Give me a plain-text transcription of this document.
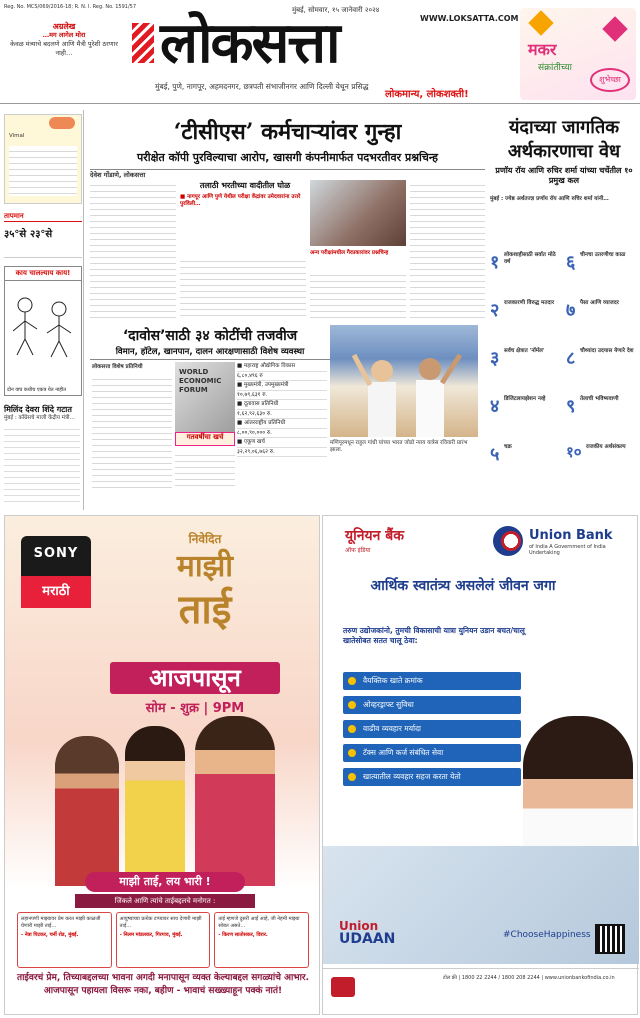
Reg. No. MCS/069/2016-18; R. N. I. Reg. No. 1591/57
अग्रलेख
…मग लागेल मोरा
केवळ मंत्र्याचे बदलणे आणि मैत्री पुरेशी ठरणार नाही…
मुंबई, सोमवार, १५ जानेवारी २०२४
WWW.LOKSATTA.COM
लोकसत्ता
मुंबई, पुणे, नागपूर, अहमदनगर, छत्रपती संभाजीनगर आणि दिल्ली येथून प्रसिद्ध
लोकमान्य, लोकशक्ती!
मकर
संक्रांतीच्या
शुभेच्छा
Vimal
तापमान
३५°से २३°से
काय चालल्याय काय!
दोन वाघ कधीच एकत्र येत नाहीत
मिलिंद देवरा शिंदे गटात
मुंबई : काँग्रेसचे माजी केंद्रीय मंत्री…
‘टीसीएस’ कर्मचाऱ्यांवर गुन्हा
परीक्षेत कॉपी पुरविल्याचा आरोप, खासगी कंपनीमार्फत पदभरतीवर प्रश्नचिन्ह
देवेश गोंडाणे, लोकसत्ता
तलाठी भरतीच्या वादीतील घोळ
■ नागपूर आणि पुणे येथील परीक्षा केंद्रांवर उमेदवारांना उत्तरे पुरविली…
अन्य परीक्षांमधील गैरप्रकारांवर प्रश्नचिन्ह
‘दावोस’साठी ३४ कोटींची तजवीज
विमान, हॉटेल, खानपान, दालन आरक्षणासाठी विशेष व्यवस्था
लोकसत्ता विशेष प्रतिनिधी
WORLD ECONOMIC FORUM
गतवर्षीचा खर्च
■ महाराष्ट्र औद्योगिक विकास
६,८०,४९६ रु
■ मुख्यमंत्री, उपमुख्यमंत्री
१०,७९,६३१ रु.
■ दूतावास प्रतिनिधी
१,६२,९२,६३० रु.
■ आंतरराष्ट्रीय प्रतिनिधी
८,००,९०,००० रु.
■ एकूण खर्च
३२,२९,०६,७६२ रु.
मणिपूरमधून राहुल गांधी यांच्या भारत जोडो न्याय यात्रेस रविवारी प्रारंभ झाला.
यंदाच्या जागतिक अर्थकारणाचा वेध
प्रणॉय रॉय आणि रुचिर शर्मा यांच्या चर्चेतील १० प्रमुख कल
मुंबई : ज्येष्ठ अर्थतज्ज्ञ प्रणॉय रॉय आणि रुचिर शर्मा यांनी…
१ लोकशाहीसाठी सर्वात मोठे वर्ष
२ राजकारणी विरुद्ध मतदार
३ सर्वच क्षेत्रात 'नॉर्मल'
४ डिजिटलायझेशन नव्हे
५ चक्र
६ चीनचा उतरणीचा काळ
७ पैसा आणि व्याजदर
८ चौथ्यांदा उदयास येणारे देश
९ तेलाची भविष्यवाणी
१० राजकीय अर्थसंकल्प
SONY
मराठी
निवेदित
माझी
ताई
आजपासून
सोम - शुक्र | 9PM
माझी ताई, लय भारी !
जिंकले आणि त्यांचे ताईबद्दलचे मनोगत :
लहानपणी माझ्यावर प्रेम करत माझी काळजी घेणारी माझी ताई…

- नेत्रा पिटकर, चर्नी रोड, मुंबई.

आयुष्याच्या प्रत्येक टप्प्यावर साथ देणारी माझी ताई…

- निलम मांडलकर, गिरगाव, मुंबई.

ताई म्हणजे दुसरी आई आहे, जी नेहमी माझ्या सोबत असते…

- किरण सातोसकर, विरार.

ताईवरचं प्रेम, तिच्याबद्दलच्या भावना अगदी मनापासून व्यक्त केल्याबद्दल सगळ्यांचे आभार. आजपासून पहायला विसरू नका, बहीण - भावाचं सख्ख्याहून पक्कं नातं!
यूनियन बैंक
ऑफ इंडिया
Union Bank
of India A Government of India Undertaking
आर्थिक स्वातंत्र्य असलेलं जीवन जगा
तरुण उद्योजकांनो, तुमची विकासाची यात्रा युनियन उडान बचत/चालू खातेसोबत सतत चालू ठेवा:
वैयक्तिक खाते क्रमांक
ओव्हरड्राफ्ट सुविधा
वाढीव व्यवहार मर्यादा
टॅक्स आणि कर्ज संबंधित सेवा
खात्यातील व्यवहार सहज करता येतो
Union
UDAAN	#ChooseHappiness
टोल फ्री | 1800 22 2244 / 1800 208 2244 | www.unionbankofindia.co.in
